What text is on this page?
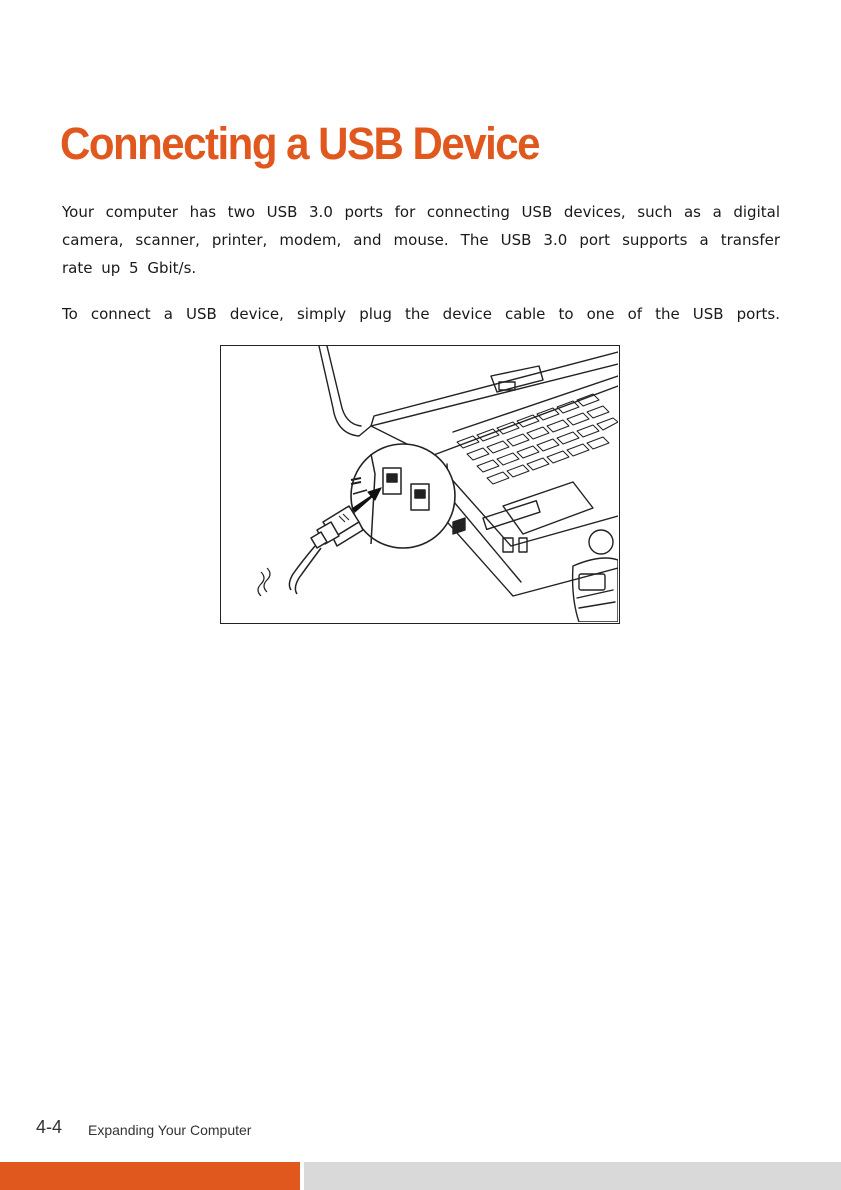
Connecting a USB Device

Your computer has two USB 3.0 ports for connecting USB devices, such as a digital camera, scanner, printer, modem, and mouse. The USB 3.0 port supports a transfer rate up 5 Gbit/s.

To connect a USB device, simply plug the device cable to one of the USB ports.

4-4 Expanding Your Computer
